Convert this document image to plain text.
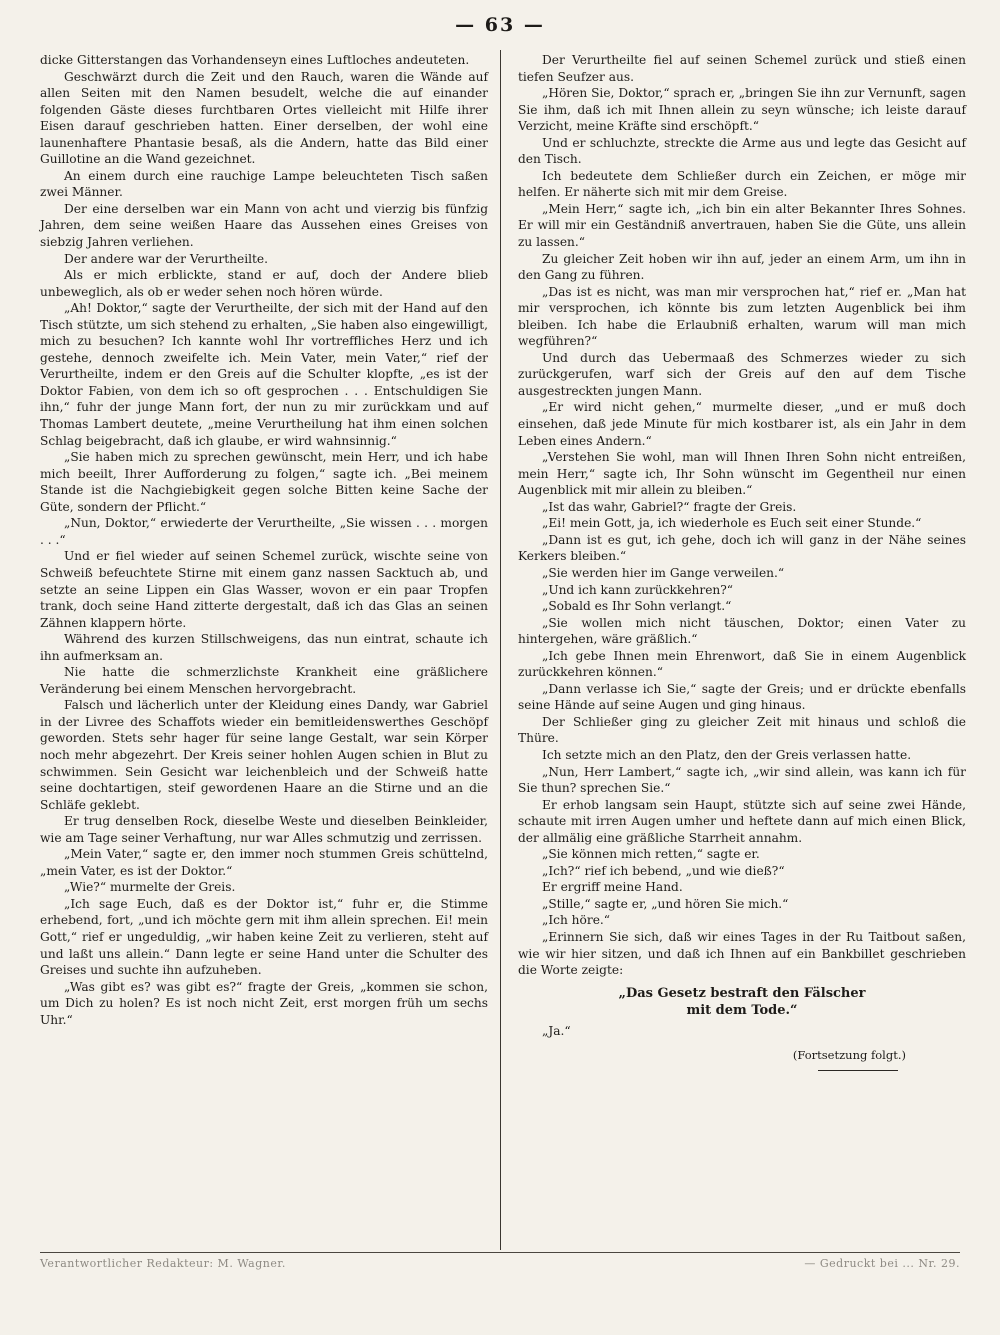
— 63 —

dicke Gitterstangen das Vorhandenseyn eines Luftloches andeuteten.

Geschwärzt durch die Zeit und den Rauch, waren die Wände auf allen Seiten mit den Namen besudelt, welche die auf einander folgenden Gäste dieses furchtbaren Ortes vielleicht mit Hilfe ihrer Eisen darauf geschrieben hatten. Einer derselben, der wohl eine launenhaftere Phantasie besaß, als die Andern, hatte das Bild einer Guillotine an die Wand gezeichnet.

An einem durch eine rauchige Lampe beleuchteten Tisch saßen zwei Männer.

Der eine derselben war ein Mann von acht und vierzig bis fünfzig Jahren, dem seine weißen Haare das Aussehen eines Greises von siebzig Jahren verliehen.

Der andere war der Verurtheilte.

Als er mich erblickte, stand er auf, doch der Andere blieb unbeweglich, als ob er weder sehen noch hören würde.

„Ah! Doktor,“ sagte der Verurtheilte, der sich mit der Hand auf den Tisch stützte, um sich stehend zu erhalten, „Sie haben also eingewilligt, mich zu besuchen? Ich kannte wohl Ihr vortreffliches Herz und ich gestehe, dennoch zweifelte ich. Mein Vater, mein Vater,“ rief der Verurtheilte, indem er den Greis auf die Schulter klopfte, „es ist der Doktor Fabien, von dem ich so oft gesprochen . . . Entschuldigen Sie ihn,“ fuhr der junge Mann fort, der nun zu mir zurückkam und auf Thomas Lambert deutete, „meine Verurtheilung hat ihm einen solchen Schlag beigebracht, daß ich glaube, er wird wahnsinnig.“

„Sie haben mich zu sprechen gewünscht, mein Herr, und ich habe mich beeilt, Ihrer Aufforderung zu folgen,“ sagte ich. „Bei meinem Stande ist die Nachgiebigkeit gegen solche Bitten keine Sache der Güte, sondern der Pflicht.“

„Nun, Doktor,“ erwiederte der Verurtheilte, „Sie wissen . . . morgen . . .“

Und er fiel wieder auf seinen Schemel zurück, wischte seine von Schweiß befeuchtete Stirne mit einem ganz nassen Sacktuch ab, und setzte an seine Lippen ein Glas Wasser, wovon er ein paar Tropfen trank, doch seine Hand zitterte dergestalt, daß ich das Glas an seinen Zähnen klappern hörte.

Während des kurzen Stillschweigens, das nun eintrat, schaute ich ihn aufmerksam an.

Nie hatte die schmerzlichste Krankheit eine gräßlichere Veränderung bei einem Menschen hervorgebracht.

Falsch und lächerlich unter der Kleidung eines Dandy, war Gabriel in der Livree des Schaffots wieder ein bemitleidenswerthes Geschöpf geworden. Stets sehr hager für seine lange Gestalt, war sein Körper noch mehr abgezehrt. Der Kreis seiner hohlen Augen schien in Blut zu schwimmen. Sein Gesicht war leichenbleich und der Schweiß hatte seine dochtartigen, steif gewordenen Haare an die Stirne und an die Schläfe geklebt.

Er trug denselben Rock, dieselbe Weste und dieselben Beinkleider, wie am Tage seiner Verhaftung, nur war Alles schmutzig und zerrissen.

„Mein Vater,“ sagte er, den immer noch stummen Greis schüttelnd, „mein Vater, es ist der Doktor.“

„Wie?“ murmelte der Greis.

„Ich sage Euch, daß es der Doktor ist,“ fuhr er, die Stimme erhebend, fort, „und ich möchte gern mit ihm allein sprechen. Ei! mein Gott,“ rief er ungeduldig, „wir haben keine Zeit zu verlieren, steht auf und laßt uns allein.“ Dann legte er seine Hand unter die Schulter des Greises und suchte ihn aufzuheben.

„Was gibt es? was gibt es?“ fragte der Greis, „kommen sie schon, um Dich zu holen? Es ist noch nicht Zeit, erst morgen früh um sechs Uhr.“

Der Verurtheilte fiel auf seinen Schemel zurück und stieß einen tiefen Seufzer aus.

„Hören Sie, Doktor,“ sprach er, „bringen Sie ihn zur Vernunft, sagen Sie ihm, daß ich mit Ihnen allein zu seyn wünsche; ich leiste darauf Verzicht, meine Kräfte sind erschöpft.“

Und er schluchzte, streckte die Arme aus und legte das Gesicht auf den Tisch.

Ich bedeutete dem Schließer durch ein Zeichen, er möge mir helfen. Er näherte sich mit mir dem Greise.

„Mein Herr,“ sagte ich, „ich bin ein alter Bekannter Ihres Sohnes. Er will mir ein Geständniß anvertrauen, haben Sie die Güte, uns allein zu lassen.“

Zu gleicher Zeit hoben wir ihn auf, jeder an einem Arm, um ihn in den Gang zu führen.

„Das ist es nicht, was man mir versprochen hat,“ rief er. „Man hat mir versprochen, ich könnte bis zum letzten Augenblick bei ihm bleiben. Ich habe die Erlaubniß erhalten, warum will man mich wegführen?“

Und durch das Uebermaaß des Schmerzes wieder zu sich zurückgerufen, warf sich der Greis auf den auf dem Tische ausgestreckten jungen Mann.

„Er wird nicht gehen,“ murmelte dieser, „und er muß doch einsehen, daß jede Minute für mich kostbarer ist, als ein Jahr in dem Leben eines Andern.“

„Verstehen Sie wohl, man will Ihnen Ihren Sohn nicht entreißen, mein Herr,“ sagte ich, Ihr Sohn wünscht im Gegentheil nur einen Augenblick mit mir allein zu bleiben.“

„Ist das wahr, Gabriel?“ fragte der Greis.

„Ei! mein Gott, ja, ich wiederhole es Euch seit einer Stunde.“

„Dann ist es gut, ich gehe, doch ich will ganz in der Nähe seines Kerkers bleiben.“

„Sie werden hier im Gange verweilen.“

„Und ich kann zurückkehren?“

„Sobald es Ihr Sohn verlangt.“

„Sie wollen mich nicht täuschen, Doktor; einen Vater zu hintergehen, wäre gräßlich.“

„Ich gebe Ihnen mein Ehrenwort, daß Sie in einem Augenblick zurückkehren können.“

„Dann verlasse ich Sie,“ sagte der Greis; und er drückte ebenfalls seine Hände auf seine Augen und ging hinaus.

Der Schließer ging zu gleicher Zeit mit hinaus und schloß die Thüre.

Ich setzte mich an den Platz, den der Greis verlassen hatte.

„Nun, Herr Lambert,“ sagte ich, „wir sind allein, was kann ich für Sie thun? sprechen Sie.“

Er erhob langsam sein Haupt, stützte sich auf seine zwei Hände, schaute mit irren Augen umher und heftete dann auf mich einen Blick, der allmälig eine gräßliche Starrheit annahm.

„Sie können mich retten,“ sagte er.

„Ich?“ rief ich bebend, „und wie dieß?“

Er ergriff meine Hand.

„Stille,“ sagte er, „und hören Sie mich.“

„Ich höre.“

„Erinnern Sie sich, daß wir eines Tages in der Ru Taitbout saßen, wie wir hier sitzen, und daß ich Ihnen auf ein Bankbillet geschrieben die Worte zeigte:

„Das Gesetz bestraft den Fälscher
mit dem Tode.“

„Ja.“

(Fortsetzung folgt.)
Verantwortlicher Redakteur: M. Wagner.	— Gedruckt bei ... Nr. 29.
